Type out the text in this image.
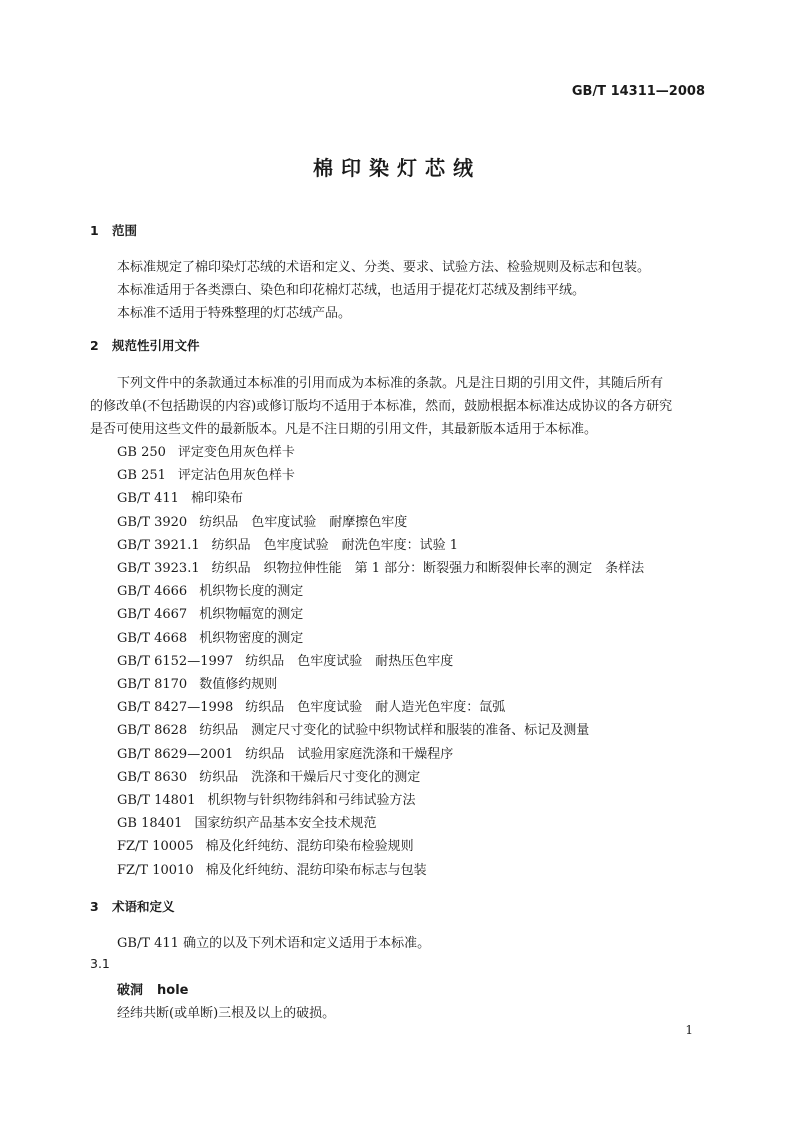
GB/T 14311—2008
棉印染灯芯绒
1 范围
本标准规定了棉印染灯芯绒的术语和定义、分类、要求、试验方法、检验规则及标志和包装。
本标准适用于各类漂白、染色和印花棉灯芯绒，也适用于提花灯芯绒及割纬平绒。
本标准不适用于特殊整理的灯芯绒产品。
2 规范性引用文件
下列文件中的条款通过本标准的引用而成为本标准的条款。凡是注日期的引用文件，其随后所有
的修改单(不包括勘误的内容)或修订版均不适用于本标准，然而，鼓励根据本标准达成协议的各方研究
是否可使用这些文件的最新版本。凡是不注日期的引用文件，其最新版本适用于本标准。
GB 250 评定变色用灰色样卡
GB 251 评定沾色用灰色样卡
GB/T 411 棉印染布
GB/T 3920 纺织品　色牢度试验　耐摩擦色牢度
GB/T 3921.1 纺织品　色牢度试验　耐洗色牢度：试验 1
GB/T 3923.1 纺织品　织物拉伸性能　第 1 部分：断裂强力和断裂伸长率的测定　条样法
GB/T 4666 机织物长度的测定
GB/T 4667 机织物幅宽的测定
GB/T 4668 机织物密度的测定
GB/T 6152—1997 纺织品　色牢度试验　耐热压色牢度
GB/T 8170 数值修约规则
GB/T 8427—1998 纺织品　色牢度试验　耐人造光色牢度：氙弧
GB/T 8628 纺织品　测定尺寸变化的试验中织物试样和服装的准备、标记及测量
GB/T 8629—2001 纺织品　试验用家庭洗涤和干燥程序
GB/T 8630 纺织品　洗涤和干燥后尺寸变化的测定
GB/T 14801 机织物与针织物纬斜和弓纬试验方法
GB 18401 国家纺织产品基本安全技术规范
FZ/T 10005 棉及化纤纯纺、混纺印染布检验规则
FZ/T 10010 棉及化纤纯纺、混纺印染布标志与包装
3 术语和定义
GB/T 411 确立的以及下列术语和定义适用于本标准。
3.1
破洞 hole
经纬共断(或单断)三根及以上的破损。
1
